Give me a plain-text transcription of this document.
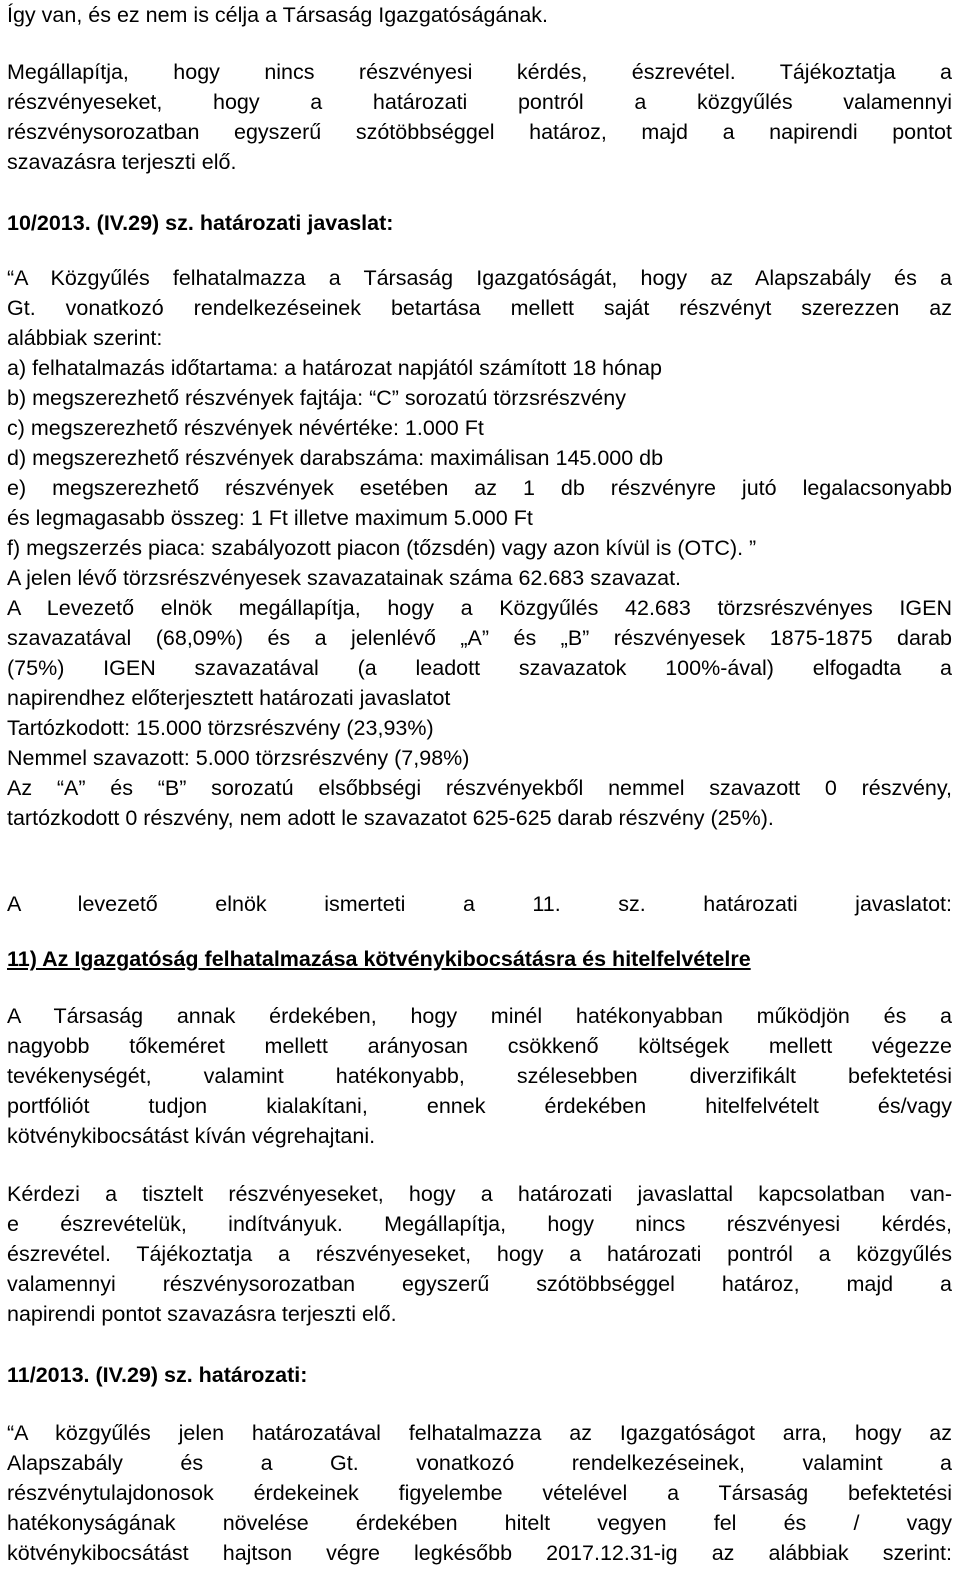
Így van, és ez nem is célja a Társaság Igazgatóságának.

Megállapítja, hogy nincs részvényesi kérdés, észrevétel. Tájékoztatja a

részvényeseket, hogy a határozati pontról a közgyűlés valamennyi

részvénysorozatban egyszerű szótöbbséggel határoz, majd a napirendi pontot

szavazásra terjeszti elő.

10/2013. (IV.29) sz. határozati javaslat:

“A Közgyűlés felhatalmazza a Társaság Igazgatóságát, hogy az Alapszabály és a

Gt. vonatkozó rendelkezéseinek betartása mellett saját részvényt szerezzen az

alábbiak szerint:

a) felhatalmazás időtartama: a határozat napjától számított 18 hónap

b) megszerezhető részvények fajtája: “C” sorozatú törzsrészvény

c) megszerezhető részvények névértéke: 1.000 Ft

d) megszerezhető részvények darabszáma: maximálisan 145.000 db

e) megszerezhető részvények esetében az 1 db részvényre jutó legalacsonyabb

és legmagasabb összeg: 1 Ft illetve maximum 5.000 Ft

f) megszerzés piaca: szabályozott piacon (tőzsdén) vagy azon kívül is (OTC). ”

A jelen lévő törzsrészvényesek szavazatainak száma 62.683 szavazat.

A Levezető elnök megállapítja, hogy a Közgyűlés 42.683 törzsrészvényes IGEN

szavazatával (68,09%) és a jelenlévő „A” és „B” részvényesek 1875-1875 darab

(75%) IGEN szavazatával (a leadott szavazatok 100%-ával) elfogadta a

napirendhez előterjesztett határozati javaslatot

Tartózkodott: 15.000 törzsrészvény (23,93%)

Nemmel szavazott: 5.000 törzsrészvény (7,98%)

Az “A” és “B” sorozatú elsőbbségi részvényekből nemmel szavazott 0 részvény,

tartózkodott 0 részvény, nem adott le szavazatot 625-625 darab részvény (25%).

A levezető elnök ismerteti a 11. sz. határozati javaslatot:

11) Az Igazgatóság felhatalmazása kötvénykibocsátásra és hitelfelvételre

A Társaság annak érdekében, hogy minél hatékonyabban működjön és a

nagyobb tőkeméret mellett arányosan csökkenő költségek mellett végezze

tevékenységét, valamint hatékonyabb, szélesebben diverzifikált befektetési

portfóliót tudjon kialakítani, ennek érdekében hitelfelvételt és/vagy

kötvénykibocsátást kíván végrehajtani.

Kérdezi a tisztelt részvényeseket, hogy a határozati javaslattal kapcsolatban van-

e észrevételük, indítványuk. Megállapítja, hogy nincs részvényesi kérdés,

észrevétel. Tájékoztatja a részvényeseket, hogy a határozati pontról a közgyűlés

valamennyi részvénysorozatban egyszerű szótöbbséggel határoz, majd a

napirendi pontot szavazásra terjeszti elő.

11/2013. (IV.29) sz. határozati:

“A közgyűlés jelen határozatával felhatalmazza az Igazgatóságot arra, hogy az

Alapszabály és a Gt. vonatkozó rendelkezéseinek, valamint a

részvénytulajdonosok érdekeinek figyelembe vételével a Társaság befektetési

hatékonyságának növelése érdekében hitelt vegyen fel és / vagy

kötvénykibocsátást hajtson végre legkésőbb 2017.12.31-ig az alábbiak szerint:
